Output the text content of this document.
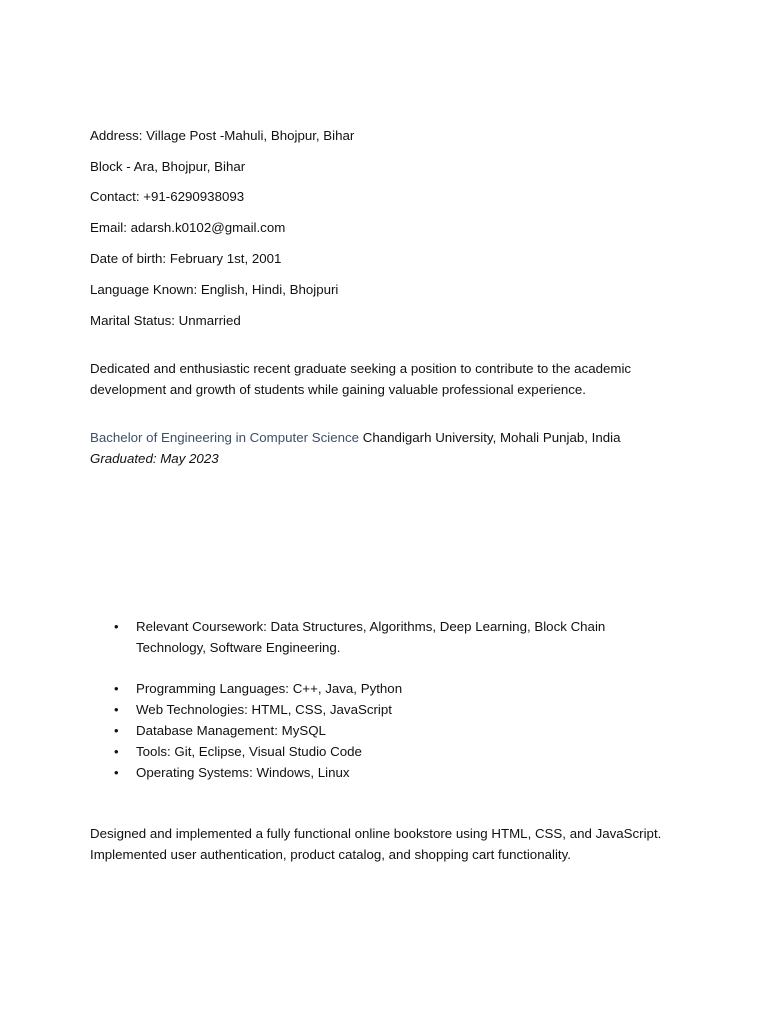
Address: Village Post -Mahuli, Bhojpur, Bihar
Block - Ara, Bhojpur, Bihar
Contact: +91-6290938093
Email: adarsh.k0102@gmail.com
Date of birth: February 1st, 2001
Language Known: English, Hindi, Bhojpuri
Marital Status: Unmarried
Dedicated and enthusiastic recent graduate seeking a position to contribute to the academic
development and growth of students while gaining valuable professional experience.
Bachelor of Engineering in Computer Science Chandigarh University, Mohali Punjab, India
Graduated: May 2023
• Relevant Coursework: Data Structures, Algorithms, Deep Learning, Block Chain
Technology, Software Engineering.
• Programming Languages: C++, Java, Python
• Web Technologies: HTML, CSS, JavaScript
• Database Management: MySQL
• Tools: Git, Eclipse, Visual Studio Code
• Operating Systems: Windows, Linux
Designed and implemented a fully functional online bookstore using HTML, CSS, and JavaScript.
Implemented user authentication, product catalog, and shopping cart functionality.
